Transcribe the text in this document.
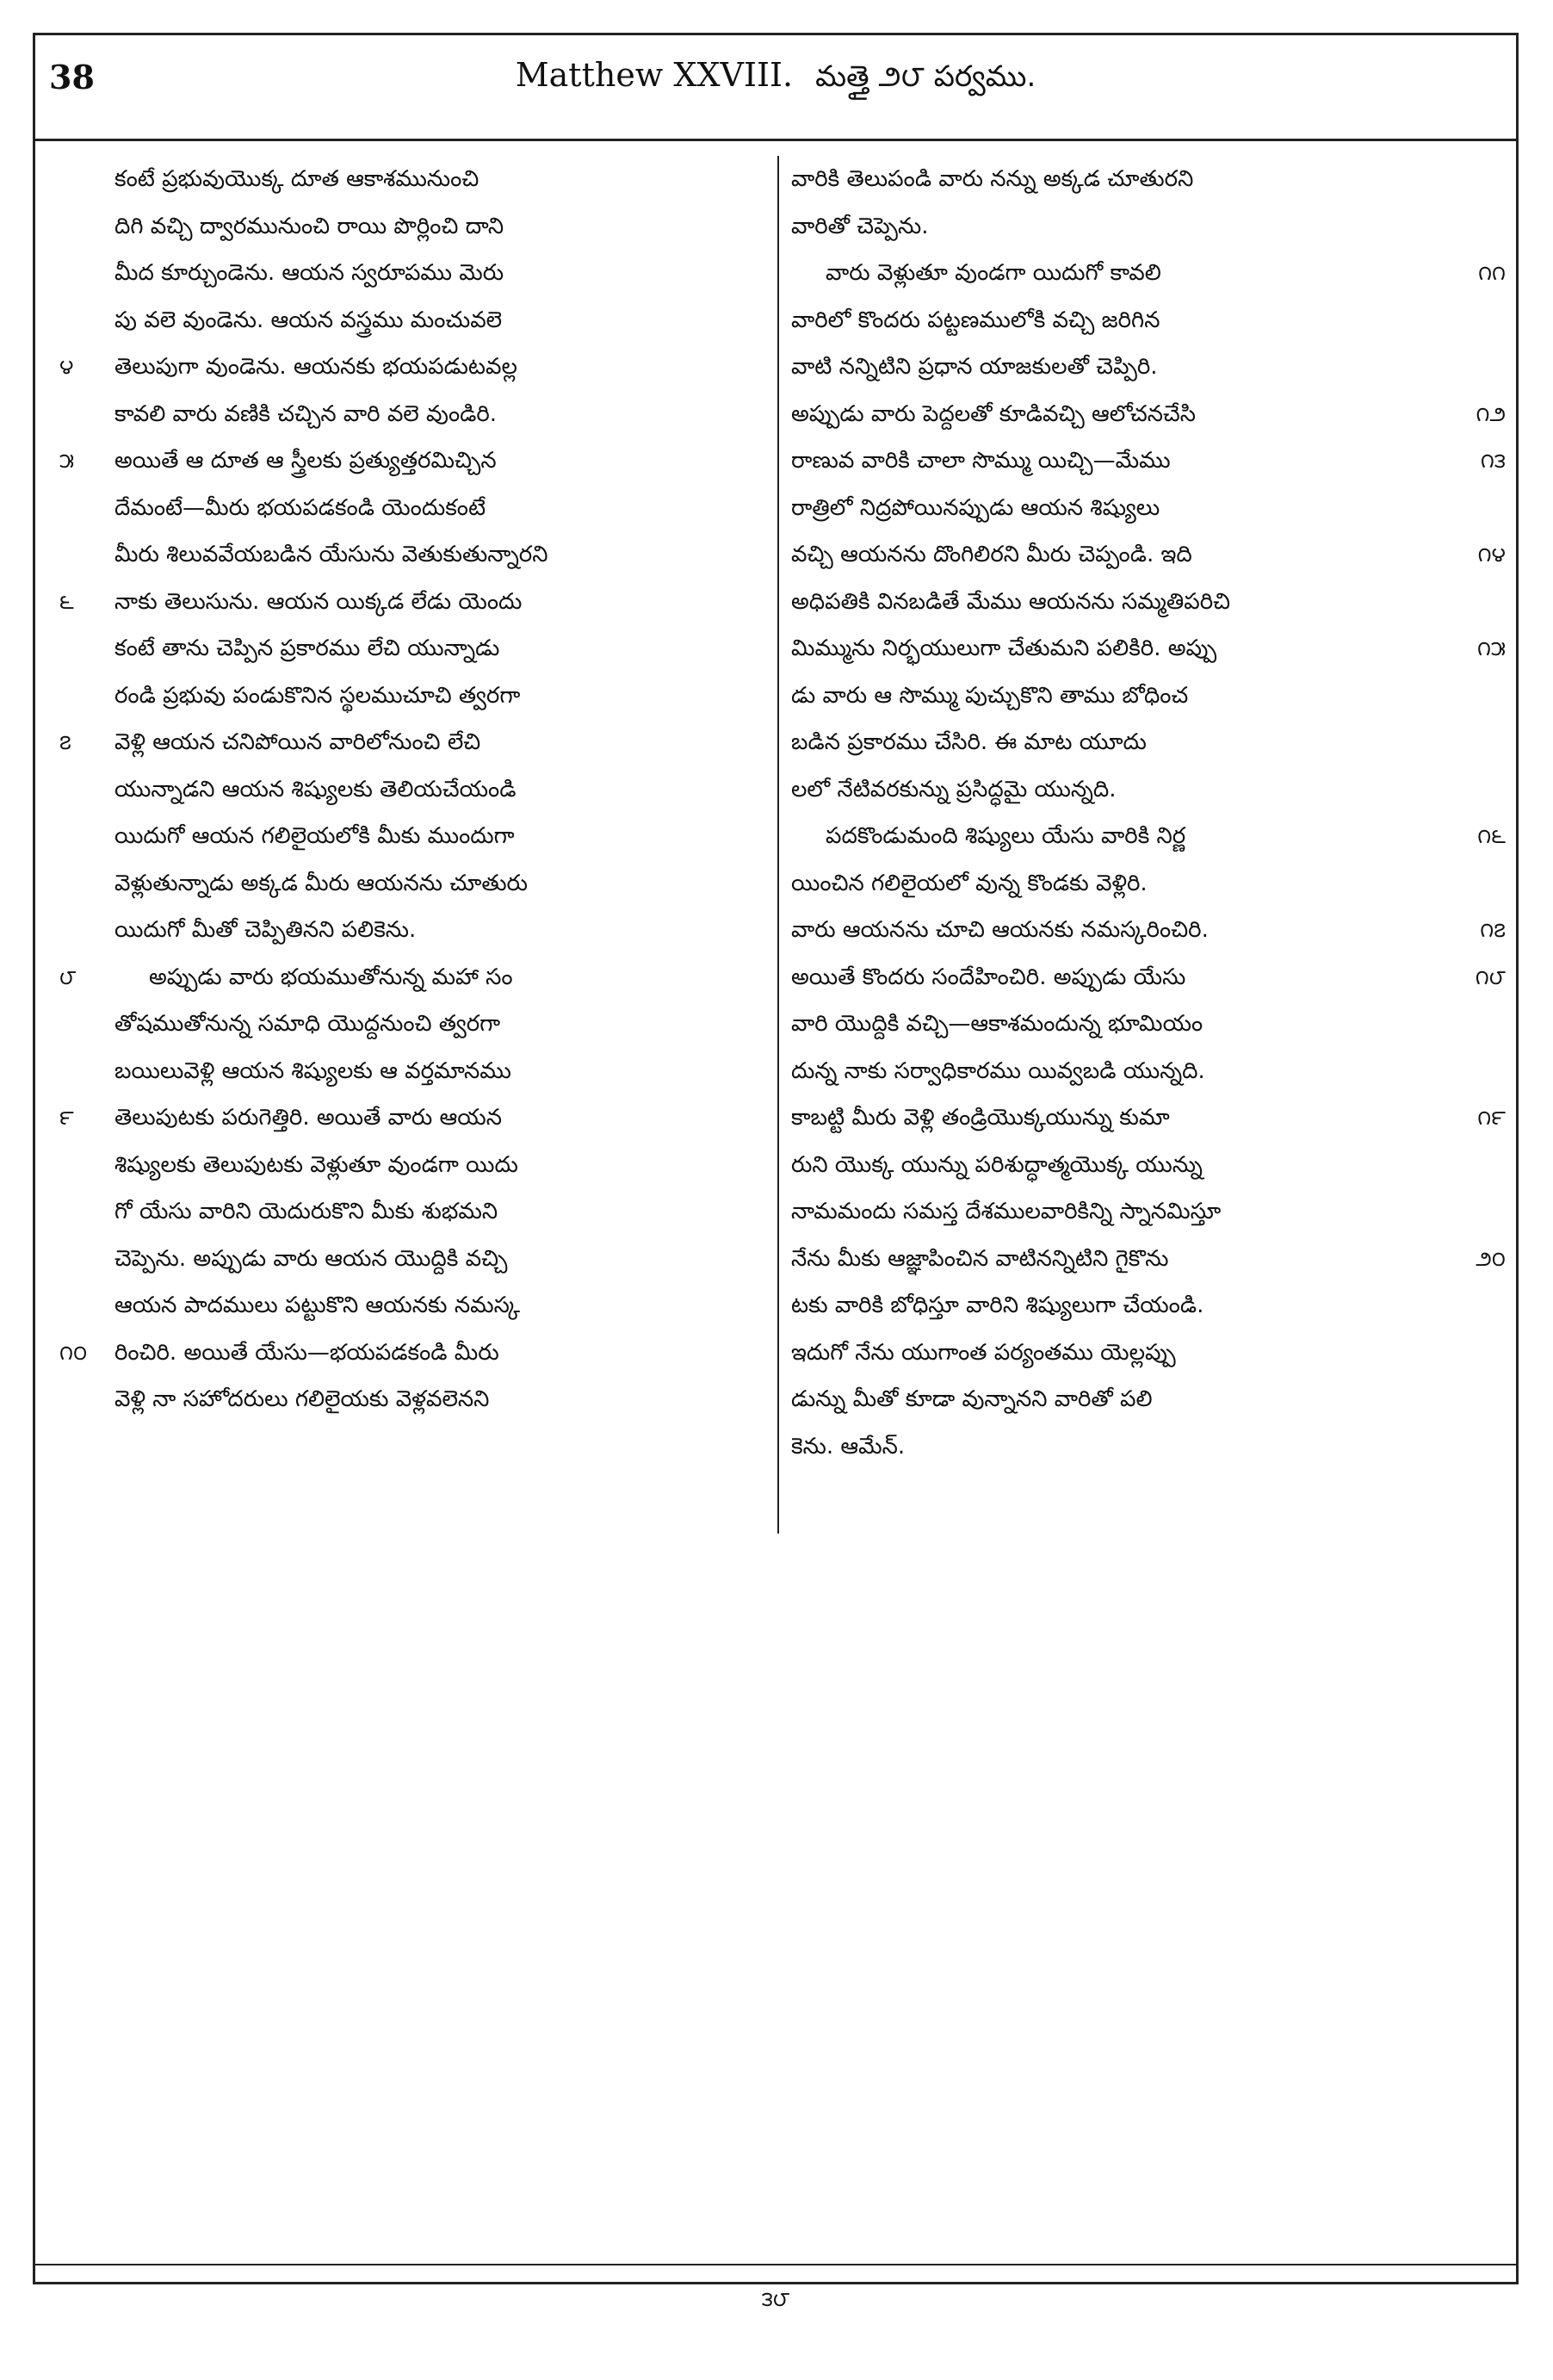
38	Matthew XXVIII. మత్తై ౨౮ పర్వము.
కంటే ప్రభువుయొక్క దూత ఆకాశమునుంచి
దిగి వచ్చి ద్వారమునుంచి రాయి పొర్లించి దాని
మీద కూర్చుండెను. ఆయన స్వరూపము మెరు
పు వలె వుండెను. ఆయన వస్త్రము మంచువలె
౪	తెలుపుగా వుండెను. ఆయనకు భయపడుటవల్ల
కావలి వారు వణికి చచ్చిన వారి వలె వుండిరి.
౫	అయితే ఆ దూత ఆ స్త్రీలకు ప్రత్యుత్తరమిచ్చిన
దేమంటే—మీరు భయపడకండి యెందుకంటే
మీరు శిలువవేయబడిన యేసును వెతుకుతున్నారని
౬	నాకు తెలుసును. ఆయన యిక్కడ లేడు యెందు
కంటే తాను చెప్పిన ప్రకారము లేచి యున్నాడు
రండి ప్రభువు పండుకొనిన స్థలముచూచి త్వరగా
౭	వెళ్లి ఆయన చనిపోయిన వారిలోనుంచి లేచి
యున్నాడని ఆయన శిష్యులకు తెలియచేయండి
యిదుగో ఆయన గలిలైయలోకి మీకు ముందుగా
వెళ్లుతున్నాడు అక్కడ మీరు ఆయనను చూతురు
యిదుగో మీతో చెప్పితినని పలికెను.
౮	అప్పుడు వారు భయముతోనున్న మహా సం
తోషముతోనున్న సమాధి యొద్దనుంచి త్వరగా
బయిలువెళ్లి ఆయన శిష్యులకు ఆ వర్తమానము
౯	తెలుపుటకు పరుగెత్తిరి. అయితే వారు ఆయన
శిష్యులకు తెలుపుటకు వెళ్లుతూ వుండగా యిదు
గో యేసు వారిని యెదురుకొని మీకు శుభమని
చెప్పెను. అప్పుడు వారు ఆయన యొద్దికి వచ్చి
ఆయన పాదములు పట్టుకొని ఆయనకు నమస్క
౧౦	రించిరి. అయితే యేసు—భయపడకండి మీరు
వెళ్లి నా సహోదరులు గలిలైయకు వెళ్లవలెనని
వారికి తెలుపండి వారు నన్ను అక్కడ చూతురని
వారితో చెప్పెను.
౧౧
వారు వెళ్లుతూ వుండగా యిదుగో కావలి
వారిలో కొందరు పట్టణములోకి వచ్చి జరిగిన
వాటి నన్నిటిని ప్రధాన యాజకులతో చెప్పిరి.
౧౨
అప్పుడు వారు పెద్దలతో కూడివచ్చి ఆలోచనచేసి
౧౩
రాణువ వారికి చాలా సొమ్ము యిచ్చి—మేము
రాత్రిలో నిద్రపోయినప్పుడు ఆయన శిష్యులు
౧౪
వచ్చి ఆయనను దొంగిలిరని మీరు చెప్పండి. ఇది
అధిపతికి వినబడితే మేము ఆయనను సమ్మతిపరిచి
౧౫
మిమ్మును నిర్భయులుగా చేతుమని పలికిరి. అప్పు
డు వారు ఆ సొమ్ము పుచ్చుకొని తాము బోధించ
బడిన ప్రకారము చేసిరి. ఈ మాట యూదు
లలో నేటివరకున్ను ప్రసిద్ధమై యున్నది.
౧౬
పదకొండుమంది శిష్యులు యేసు వారికి నిర్ణ
యించిన గలిలైయలో వున్న కొండకు వెళ్లిరి.
౧౭
వారు ఆయనను చూచి ఆయనకు నమస్కరించిరి.
౧౮
అయితే కొందరు సందేహించిరి. అప్పుడు యేసు
వారి యొద్దికి వచ్చి—ఆకాశమందున్న భూమియం
దున్న నాకు సర్వాధికారము యివ్వబడి యున్నది.
౧౯
కాబట్టి మీరు వెళ్లి తండ్రియొక్కయున్ను కుమా
రుని యొక్క యున్ను పరిశుద్ధాత్మయొక్క యున్ను
నామమందు సమస్త దేశములవారికిన్ని స్నానమిస్తూ
౨౦
నేను మీకు ఆజ్ఞాపించిన వాటినన్నిటిని గైకొను
టకు వారికి బోధిస్తూ వారిని శిష్యులుగా చేయండి.
ఇదుగో నేను యుగాంత పర్యంతము యెల్లప్పు
డున్ను మీతో కూడా వున్నానని వారితో పలి
కెను. ఆమేన్.
౩౮
